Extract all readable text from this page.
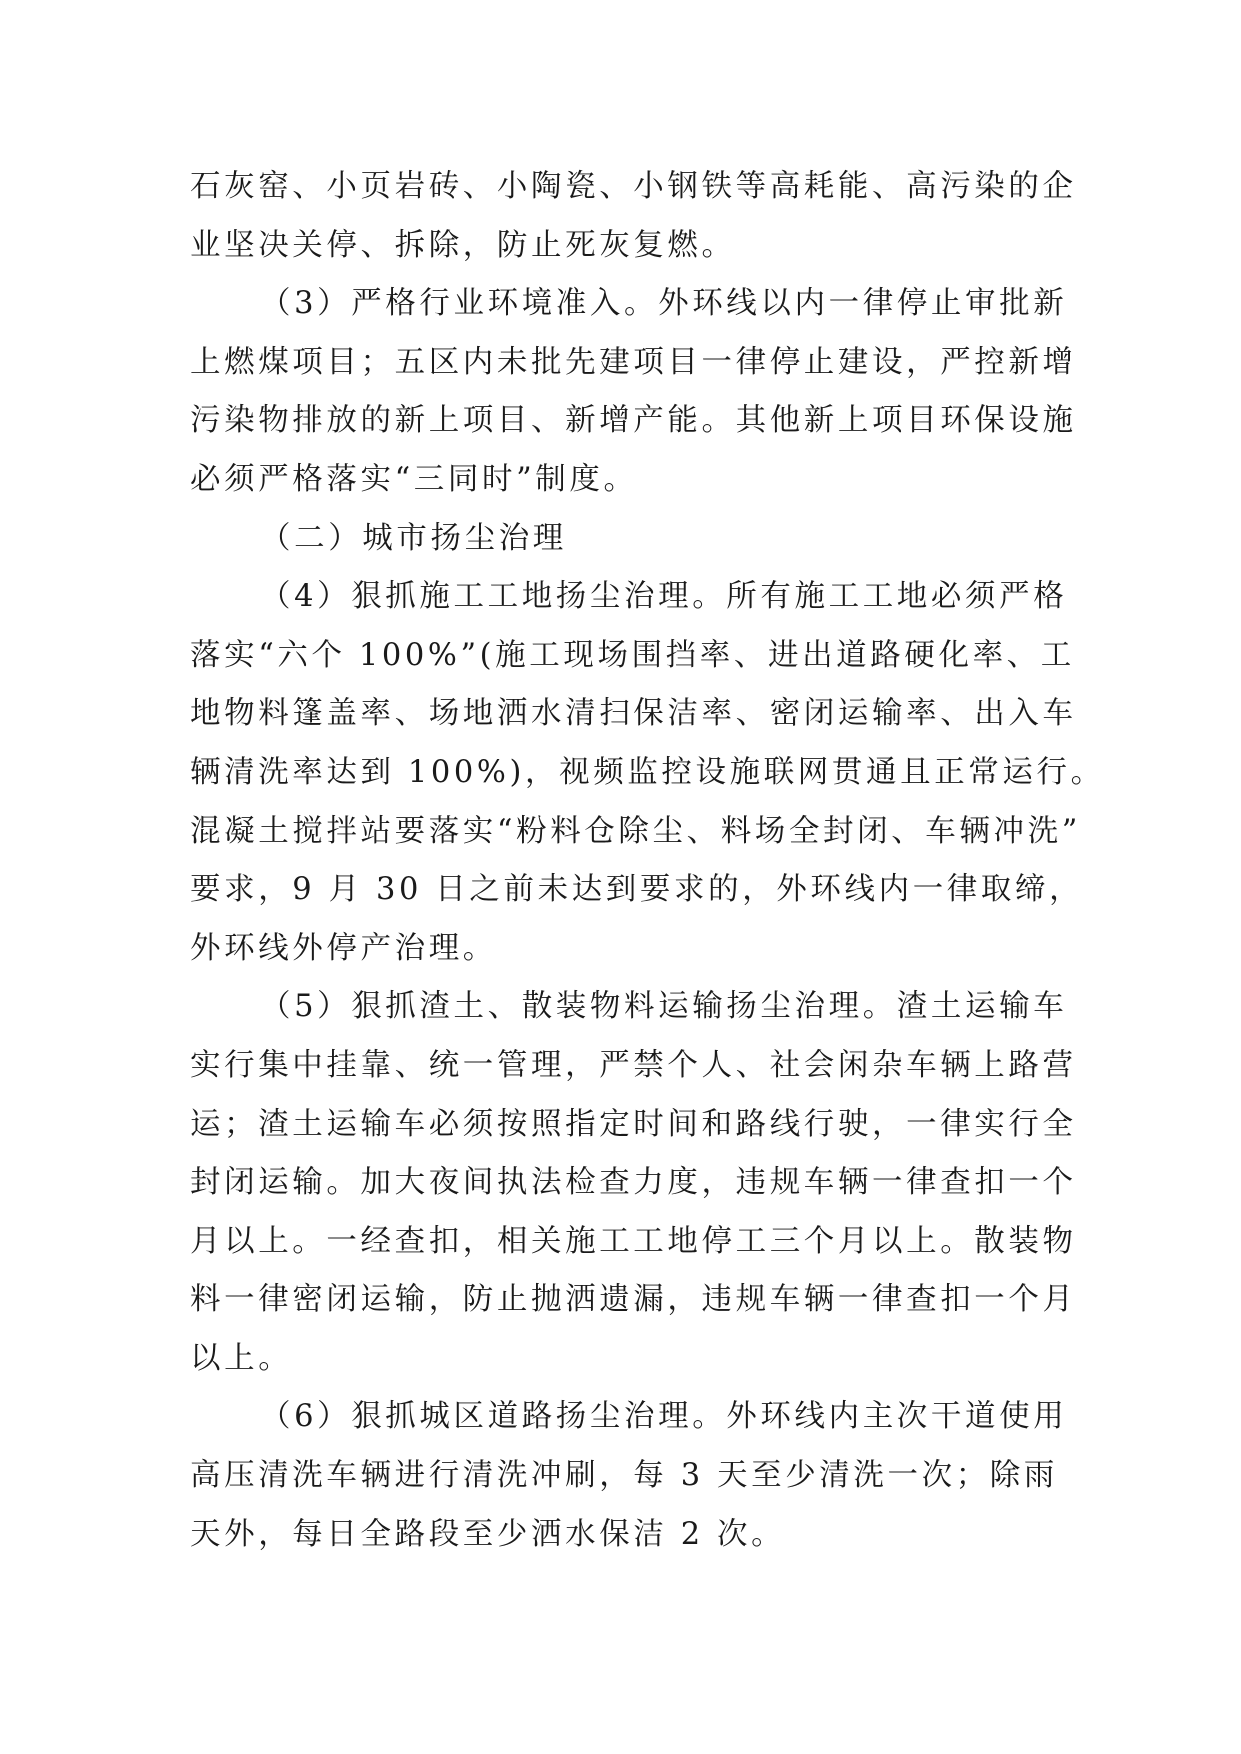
石灰窑、小页岩砖、小陶瓷、小钢铁等高耗能、高污染的企
业坚决关停、拆除，防止死灰复燃。
（3）严格行业环境准入。外环线以内一律停止审批新
上燃煤项目；五区内未批先建项目一律停止建设，严控新增
污染物排放的新上项目、新增产能。其他新上项目环保设施
必须严格落实“三同时”制度。
（二）城市扬尘治理
（4）狠抓施工工地扬尘治理。所有施工工地必须严格
落实“六个 100%”(施工现场围挡率、进出道路硬化率、工
地物料篷盖率、场地洒水清扫保洁率、密闭运输率、出入车
辆清洗率达到 100%)，视频监控设施联网贯通且正常运行。
混凝土搅拌站要落实“粉料仓除尘、料场全封闭、车辆冲洗”
要求，9 月 30 日之前未达到要求的，外环线内一律取缔，
外环线外停产治理。
（5）狠抓渣土、散装物料运输扬尘治理。渣土运输车
实行集中挂靠、统一管理，严禁个人、社会闲杂车辆上路营
运；渣土运输车必须按照指定时间和路线行驶，一律实行全
封闭运输。加大夜间执法检查力度，违规车辆一律查扣一个
月以上。一经查扣，相关施工工地停工三个月以上。散装物
料一律密闭运输，防止抛洒遗漏，违规车辆一律查扣一个月
以上。
（6）狠抓城区道路扬尘治理。外环线内主次干道使用
高压清洗车辆进行清洗冲刷，每 3 天至少清洗一次；除雨
天外，每日全路段至少洒水保洁 2 次。
